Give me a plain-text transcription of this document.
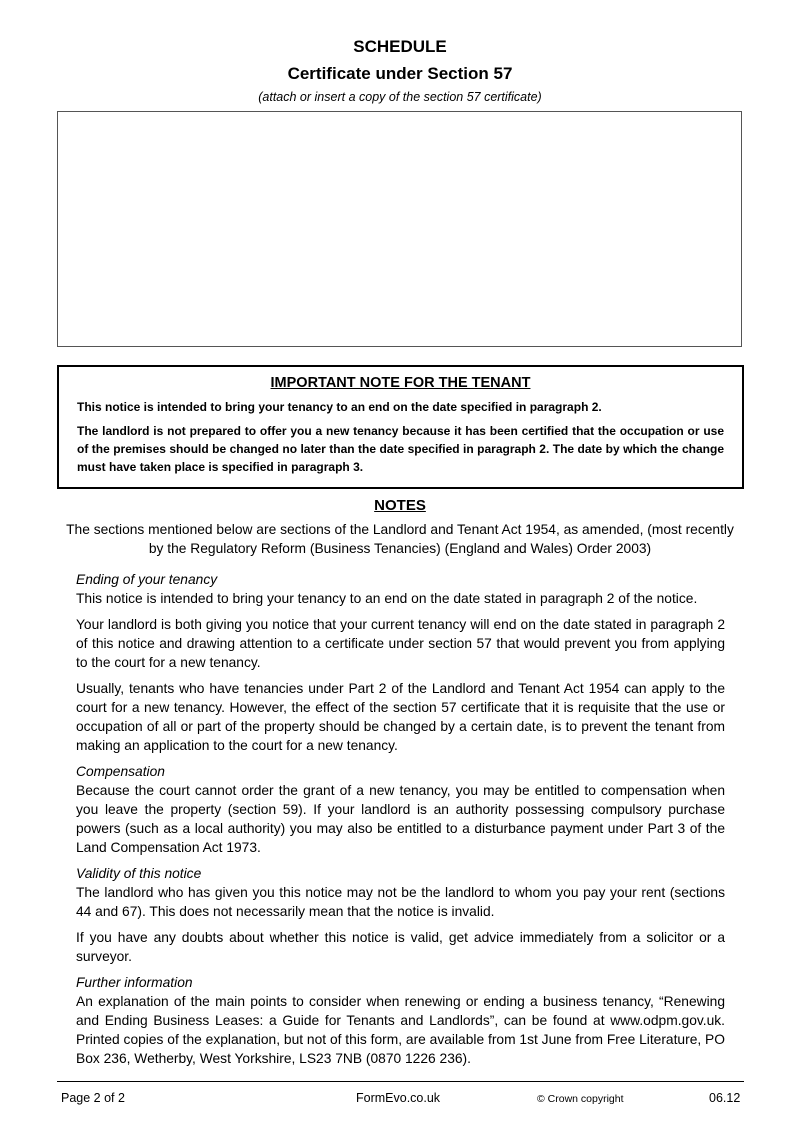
SCHEDULE
Certificate under Section 57
(attach or insert a copy of the section 57 certificate)
IMPORTANT NOTE FOR THE TENANT

This notice is intended to bring your tenancy to an end on the date specified in paragraph 2.

The landlord is not prepared to offer you a new tenancy because it has been certified that the occupation or use of the premises should be changed no later than the date specified in paragraph 2. The date by which the change must have taken place is specified in paragraph 3.

NOTES
The sections mentioned below are sections of the Landlord and Tenant Act 1954, as amended, (most recently by the Regulatory Reform (Business Tenancies) (England and Wales) Order 2003)
Ending of your tenancy

This notice is intended to bring your tenancy to an end on the date stated in paragraph 2 of the notice.

Your landlord is both giving you notice that your current tenancy will end on the date stated in paragraph 2 of this notice and drawing attention to a certificate under section 57 that would prevent you from applying to the court for a new tenancy.

Usually, tenants who have tenancies under Part 2 of the Landlord and Tenant Act 1954 can apply to the court for a new tenancy. However, the effect of the section 57 certificate that it is requisite that the use or occupation of all or part of the property should be changed by a certain date, is to prevent the tenant from making an application to the court for a new tenancy.

Compensation

Because the court cannot order the grant of a new tenancy, you may be entitled to compensation when you leave the property (section 59). If your landlord is an authority possessing compulsory purchase powers (such as a local authority) you may also be entitled to a disturbance payment under Part 3 of the Land Compensation Act 1973.

Validity of this notice

The landlord who has given you this notice may not be the landlord to whom you pay your rent (sections 44 and 67). This does not necessarily mean that the notice is invalid.

If you have any doubts about whether this notice is valid, get advice immediately from a solicitor or a surveyor.

Further information

An explanation of the main points to consider when renewing or ending a business tenancy, “Renewing and Ending Business Leases: a Guide for Tenants and Landlords”, can be found at www.odpm.gov.uk. Printed copies of the explanation, but not of this form, are available from 1st June from Free Literature, PO Box 236, Wetherby, West Yorkshire, LS23 7NB (0870 1226 236).

Page 2 of 2	FormEvo.co.uk	© Crown copyright	06.12
